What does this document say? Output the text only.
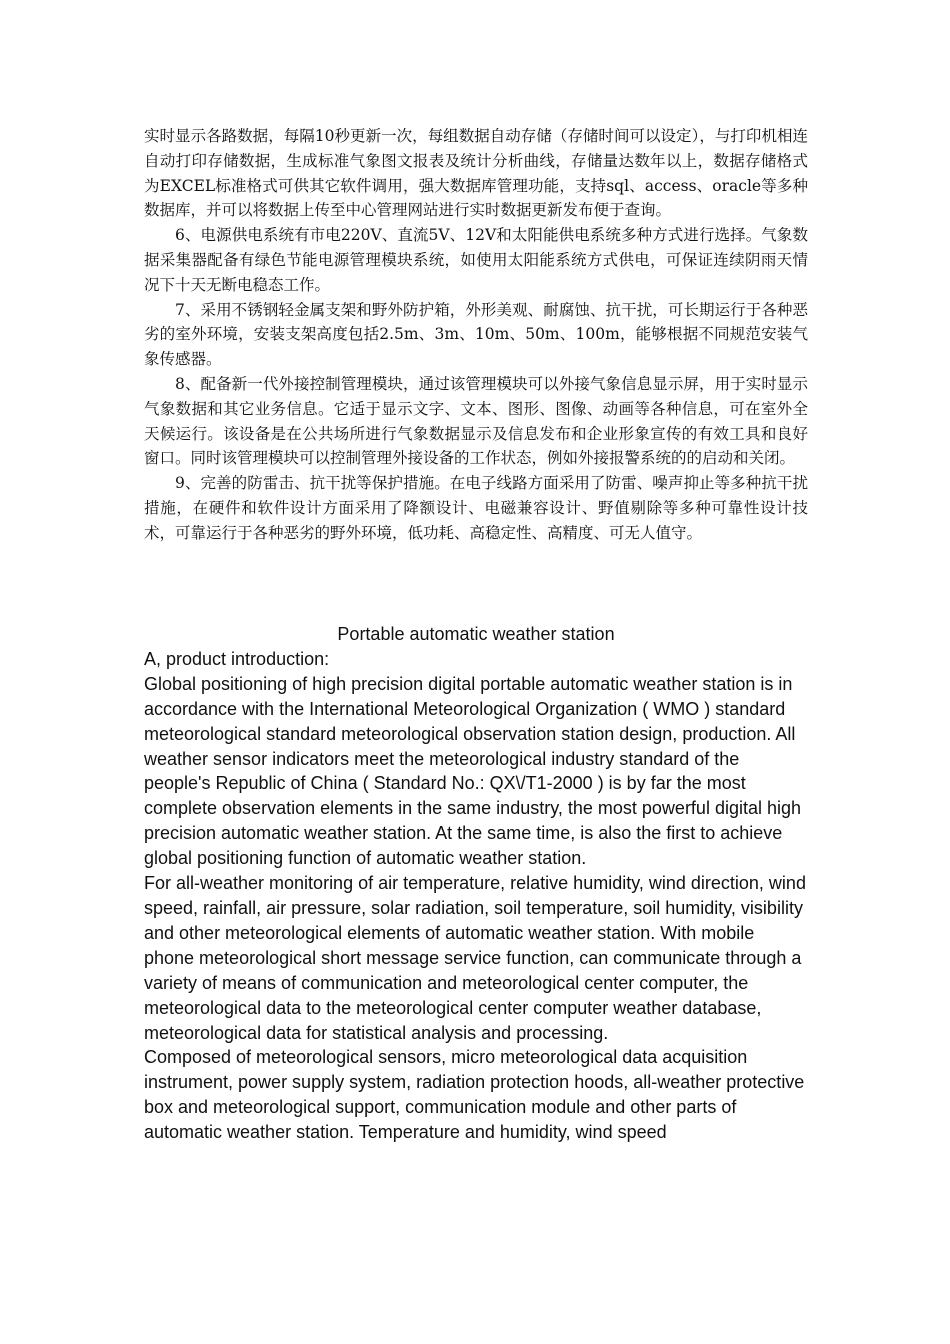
实时显示各路数据，每隔10秒更新一次，每组数据自动存储（存储时间可以设定），与打印机相连自动打印存储数据，生成标准气象图文报表及统计分析曲线，存储量达数年以上，数据存储格式为EXCEL标准格式可供其它软件调用，强大数据库管理功能，支持sql、access、oracle等多种数据库，并可以将数据上传至中心管理网站进行实时数据更新发布便于查询。

6、电源供电系统有市电220V、直流5V、12V和太阳能供电系统多种方式进行选择。气象数据采集器配备有绿色节能电源管理模块系统，如使用太阳能系统方式供电，可保证连续阴雨天情况下十天无断电稳态工作。

7、采用不锈钢轻金属支架和野外防护箱，外形美观、耐腐蚀、抗干扰，可长期运行于各种恶劣的室外环境，安装支架高度包括2.5m、3m、10m、50m、100m，能够根据不同规范安装气象传感器。

8、配备新一代外接控制管理模块，通过该管理模块可以外接气象信息显示屏，用于实时显示气象数据和其它业务信息。它适于显示文字、文本、图形、图像、动画等各种信息，可在室外全天候运行。该设备是在公共场所进行气象数据显示及信息发布和企业形象宣传的有效工具和良好窗口。同时该管理模块可以控制管理外接设备的工作状态，例如外接报警系统的的启动和关闭。

9、完善的防雷击、抗干扰等保护措施。在电子线路方面采用了防雷、噪声抑止等多种抗干扰措施，在硬件和软件设计方面采用了降额设计、电磁兼容设计、野值剔除等多种可靠性设计技术，可靠运行于各种恶劣的野外环境，低功耗、高稳定性、高精度、可无人值守。

Portable automatic weather station

A, product introduction:

Global positioning of high precision digital portable automatic weather station is in accordance with the International Meteorological Organization ( WMO ) standard meteorological standard meteorological observation station design, production. All weather sensor indicators meet the meteorological industry standard of the people's Republic of China ( Standard No.: QX\/T1-2000 ) is by far the most complete observation elements in the same industry, the most powerful digital high precision automatic weather station. At the same time, is also the first to achieve global positioning function of automatic weather station.

For all-weather monitoring of air temperature, relative humidity, wind direction, wind speed, rainfall, air pressure, solar radiation, soil temperature, soil humidity, visibility and other meteorological elements of automatic weather station. With mobile phone meteorological short message service function, can communicate through a variety of means of communication and meteorological center computer, the meteorological data to the meteorological center computer weather database, meteorological data for statistical analysis and processing.

Composed of meteorological sensors, micro meteorological data acquisition instrument, power supply system, radiation protection hoods, all-weather protective box and meteorological support, communication module and other parts of automatic weather station. Temperature and humidity, wind speed
